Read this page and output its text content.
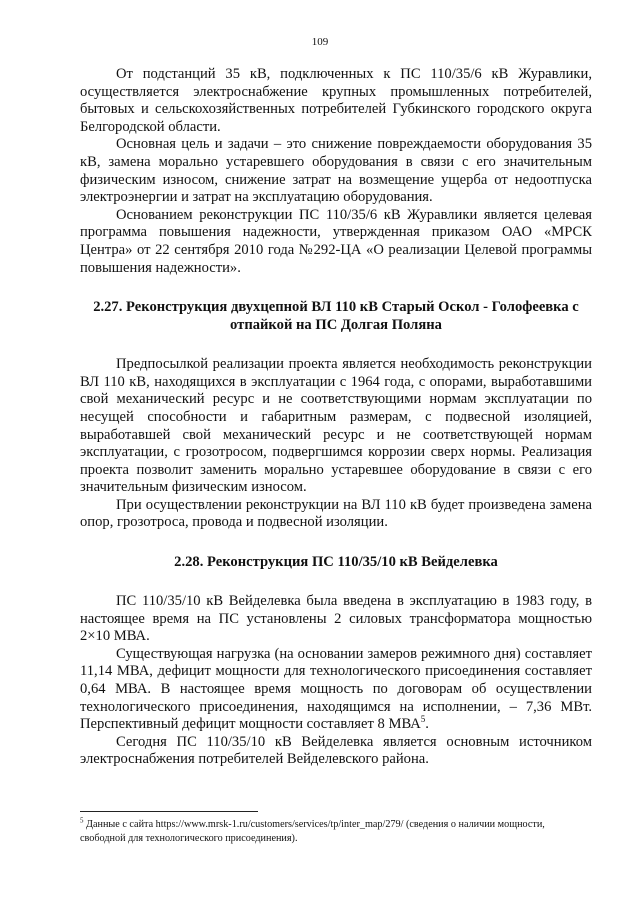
109

От подстанций 35 кВ, подключенных к ПС 110/35/6 кВ Журавлики, осуществляется электроснабжение крупных промышленных потребителей, бытовых и сельскохозяйственных потребителей Губкинского городского округа Белгородской области.

Основная цель и задачи – это снижение повреждаемости оборудования 35 кВ, замена морально устаревшего оборудования в связи с его значительным физическим износом, снижение затрат на возмещение ущерба от недоотпуска электроэнергии и затрат на эксплуатацию оборудования.

Основанием реконструкции ПС 110/35/6 кВ Журавлики является целевая программа повышения надежности, утвержденная приказом ОАО «МРСК Центра» от 22 сентября 2010 года №292-ЦА «О реализации Целевой программы повышения надежности».

2.27. Реконструкция двухцепной ВЛ 110 кВ Старый Оскол - Голофеевка с
отпайкой на ПС Долгая Поляна

Предпосылкой реализации проекта является необходимость реконструкции ВЛ 110 кВ, находящихся в эксплуатации с 1964 года, с опорами, выработавшими свой механический ресурс и не соответствующими нормам эксплуатации по несущей способности и габаритным размерам, с подвесной изоляцией, выработавшей свой механический ресурс и не соответствующей нормам эксплуатации, с грозотросом, подвергшимся коррозии сверх нормы. Реализация проекта позволит заменить морально устаревшее оборудование в связи с его значительным физическим износом.

При осуществлении реконструкции на ВЛ 110 кВ будет произведена замена опор, грозотроса, провода и подвесной изоляции.

2.28. Реконструкция ПС 110/35/10 кВ Вейделевка

ПС 110/35/10 кВ Вейделевка была введена в эксплуатацию в 1983 году, в настоящее время на ПС установлены 2 силовых трансформатора мощностью 2×10 МВА.

Существующая нагрузка (на основании замеров режимного дня) составляет 11,14 МВА, дефицит мощности для технологического присоединения составляет 0,64 МВА. В настоящее время мощность по договорам об осуществлении технологического присоединения, находящимся на исполнении, – 7,36 МВт. Перспективный дефицит мощности составляет 8 МВА$^5$.

Сегодня ПС 110/35/10 кВ Вейделевка является основным источником электроснабжения потребителей Вейделевского района.

$^5$ Данные с сайта https://www.mrsk-1.ru/customers/services/tp/inter_map/279/ (сведения о наличии мощности, свободной для технологического присоединения).
